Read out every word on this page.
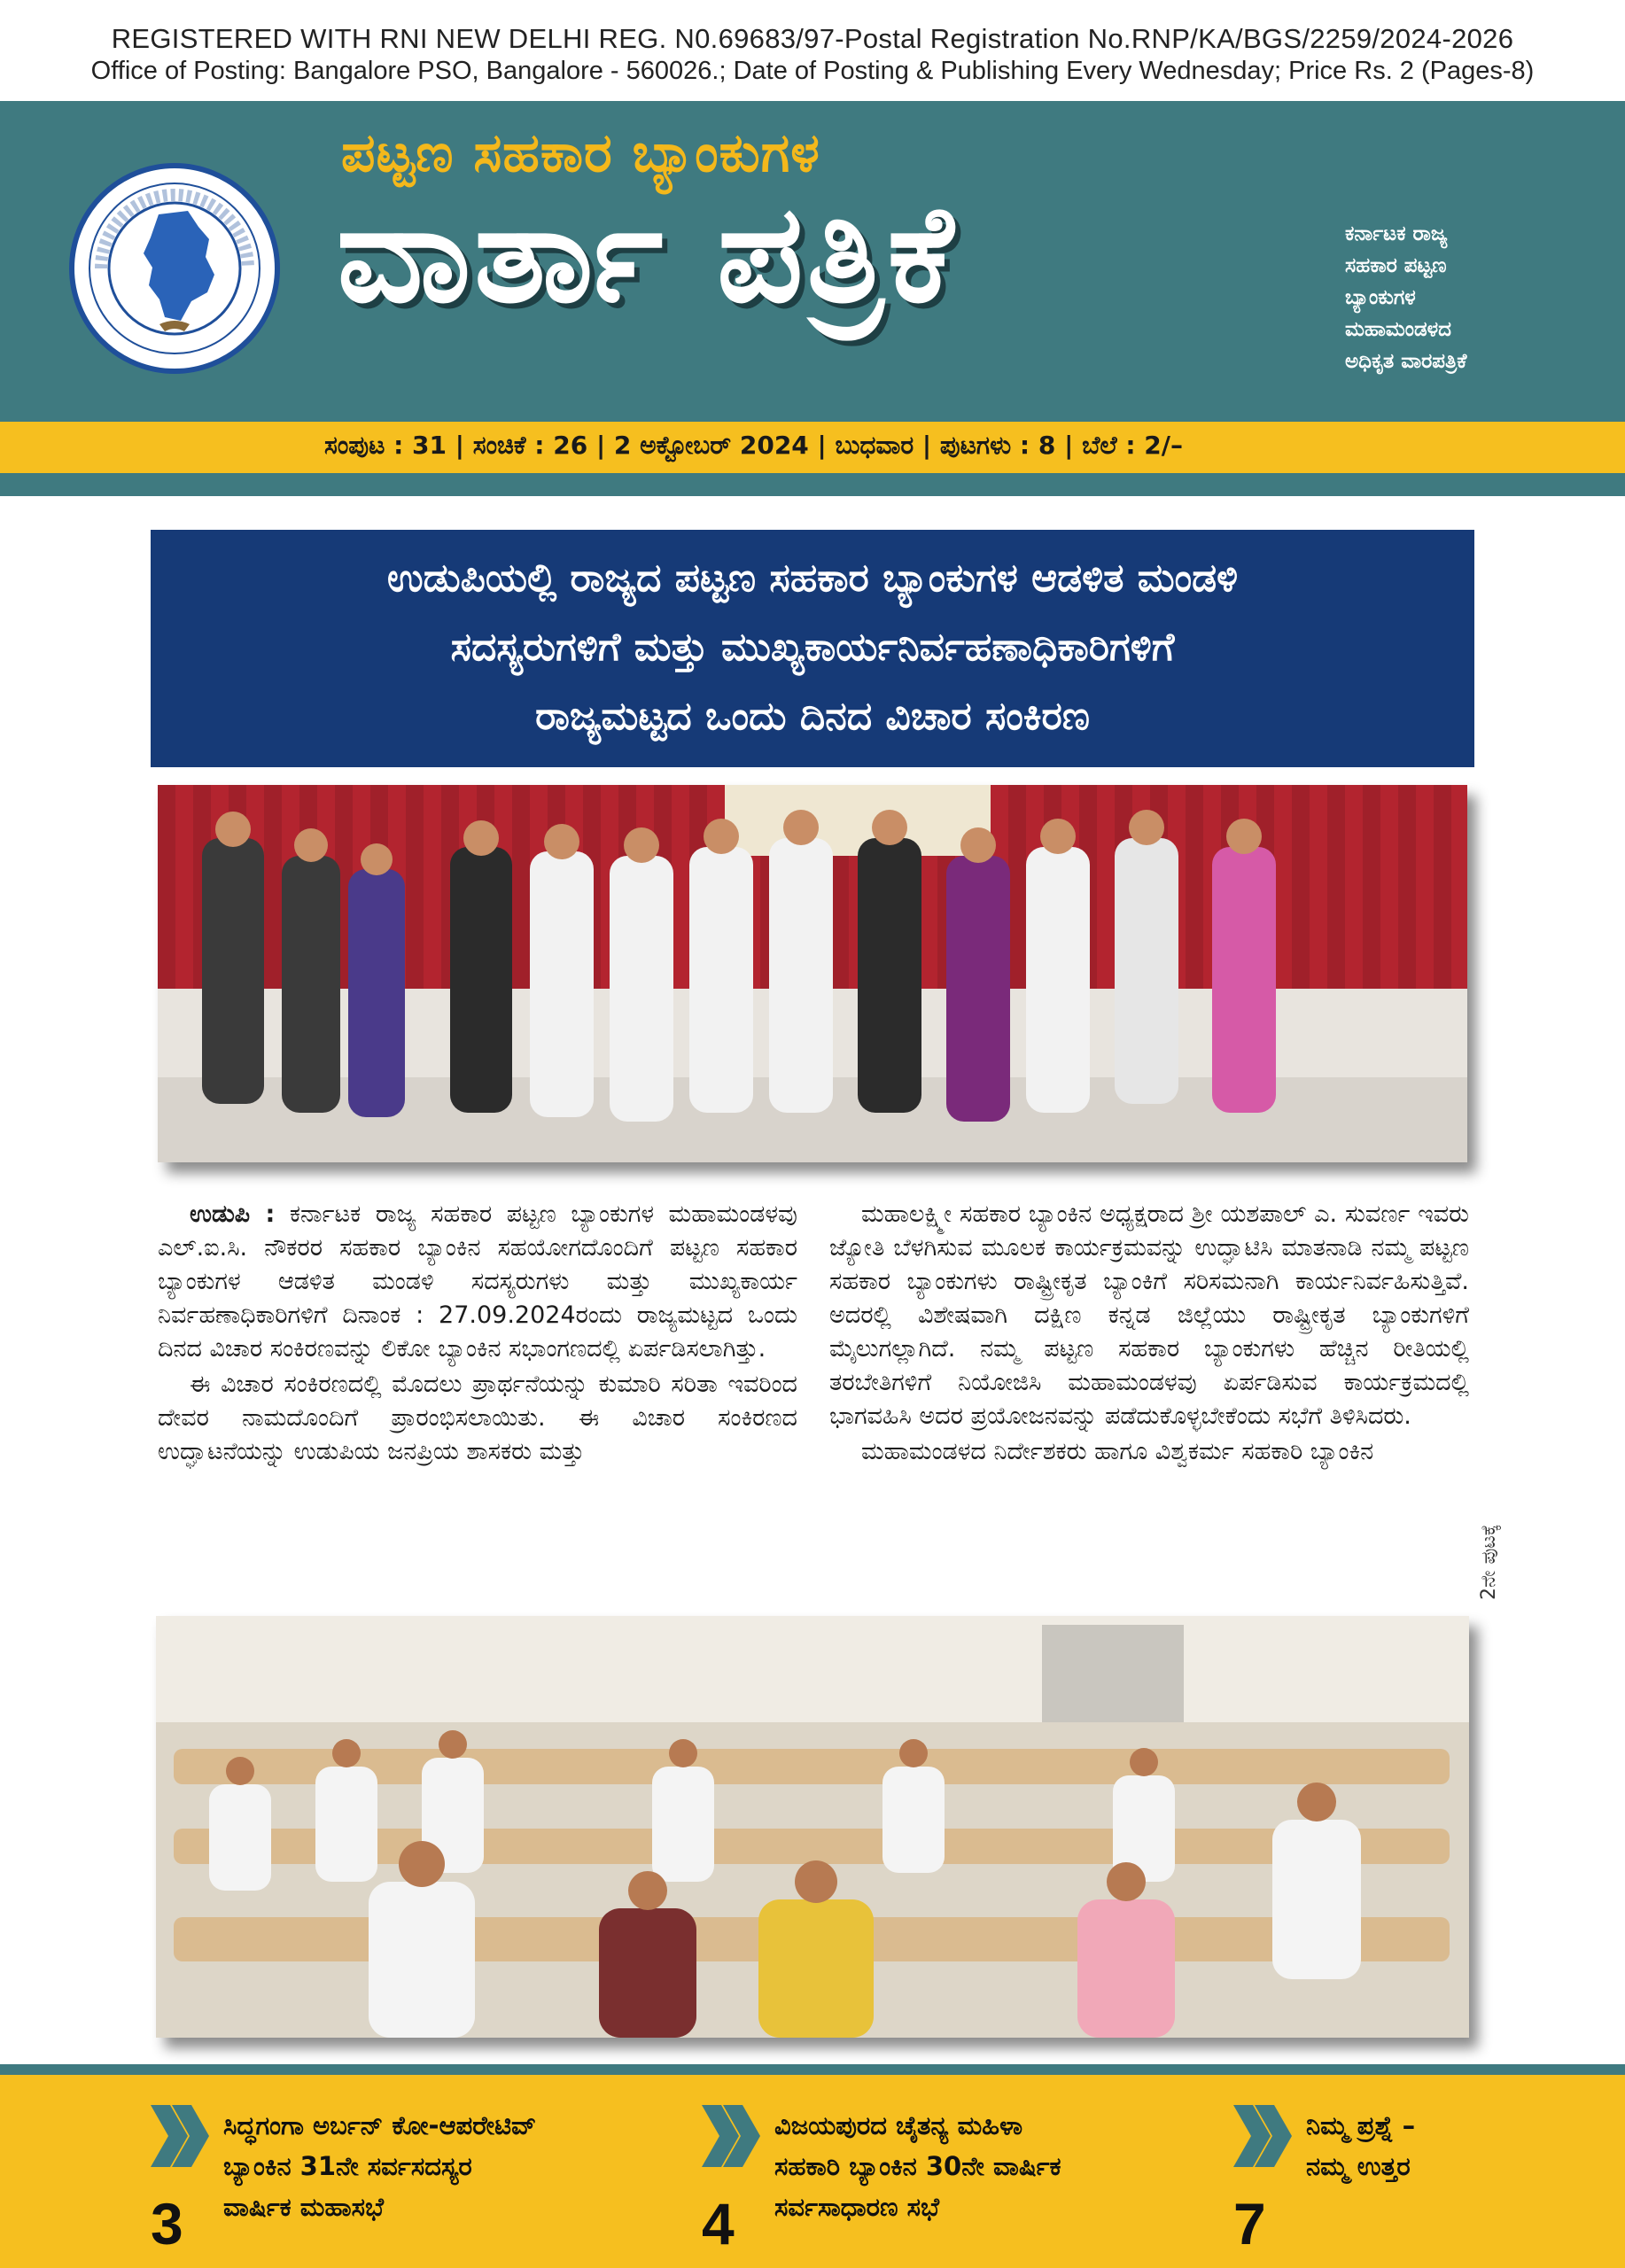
REGISTERED WITH RNI NEW DELHI REG. N0.69683/97-Postal Registration No.RNP/KA/BGS/2259/2024-2026
Office of Posting: Bangalore PSO, Bangalore - 560026.; Date of Posting & Publishing Every Wednesday; Price Rs. 2 (Pages-8)
ಪಟ್ಟಣ ಸಹಕಾರ ಬ್ಯಾಂಕುಗಳ
ವಾರ್ತಾ ಪತ್ರಿಕೆ	ಕರ್ನಾಟಕ ರಾಜ್ಯ
ಸಹಕಾರ ಪಟ್ಟಣ
ಬ್ಯಾಂಕುಗಳ
ಮಹಾಮಂಡಳದ
ಅಧಿಕೃತ ವಾರಪತ್ರಿಕೆ
ಸಂಪುಟ : 31 | ಸಂಚಿಕೆ : 26 | 2 ಅಕ್ಟೋಬರ್ 2024 | ಬುಧವಾರ | ಪುಟಗಳು : 8 | ಬೆಲೆ : 2/–
ಉಡುಪಿಯಲ್ಲಿ ರಾಜ್ಯದ ಪಟ್ಟಣ ಸಹಕಾರ ಬ್ಯಾಂಕುಗಳ ಆಡಳಿತ ಮಂಡಳಿ
ಸದಸ್ಯರುಗಳಿಗೆ ಮತ್ತು ಮುಖ್ಯಕಾರ್ಯನಿರ್ವಹಣಾಧಿಕಾರಿಗಳಿಗೆ
ರಾಜ್ಯಮಟ್ಟದ ಒಂದು ದಿನದ ವಿಚಾರ ಸಂಕಿರಣ

ಉಡುಪಿ : ಕರ್ನಾಟಕ ರಾಜ್ಯ ಸಹಕಾರ ಪಟ್ಟಣ ಬ್ಯಾಂಕುಗಳ ಮಹಾಮಂಡಳವು ಎಲ್.ಐ.ಸಿ. ನೌಕರರ ಸಹಕಾರ ಬ್ಯಾಂಕಿನ ಸಹಯೋಗದೊಂದಿಗೆ ಪಟ್ಟಣ ಸಹಕಾರ ಬ್ಯಾಂಕುಗಳ ಆಡಳಿತ ಮಂಡಳಿ ಸದಸ್ಯರುಗಳು ಮತ್ತು ಮುಖ್ಯಕಾರ್ಯ ನಿರ್ವಹಣಾಧಿಕಾರಿಗಳಿಗೆ ದಿನಾಂಕ : 27.09.2024ರಂದು ರಾಜ್ಯಮಟ್ಟದ ಒಂದು ದಿನದ ವಿಚಾರ ಸಂಕಿರಣವನ್ನು ಲಿಕೋ ಬ್ಯಾಂಕಿನ ಸಭಾಂಗಣದಲ್ಲಿ ಏರ್ಪಡಿಸಲಾಗಿತ್ತು.

ಈ ವಿಚಾರ ಸಂಕಿರಣದಲ್ಲಿ ಮೊದಲು ಪ್ರಾರ್ಥನೆಯನ್ನು ಕುಮಾರಿ ಸರಿತಾ ಇವರಿಂದ ದೇವರ ನಾಮದೊಂದಿಗೆ ಪ್ರಾರಂಭಿಸಲಾಯಿತು. ಈ ವಿಚಾರ ಸಂಕಿರಣದ ಉದ್ಘಾಟನೆಯನ್ನು ಉಡುಪಿಯ ಜನಪ್ರಿಯ ಶಾಸಕರು ಮತ್ತು

ಮಹಾಲಕ್ಷ್ಮೀ ಸಹಕಾರ ಬ್ಯಾಂಕಿನ ಅಧ್ಯಕ್ಷರಾದ ಶ್ರೀ ಯಶಪಾಲ್ ಎ. ಸುವರ್ಣ ಇವರು ಜ್ಯೋತಿ ಬೆಳಗಿಸುವ ಮೂಲಕ ಕಾರ್ಯಕ್ರಮವನ್ನು ಉದ್ಘಾಟಿಸಿ ಮಾತನಾಡಿ ನಮ್ಮ ಪಟ್ಟಣ ಸಹಕಾರ ಬ್ಯಾಂಕುಗಳು ರಾಷ್ಟ್ರೀಕೃತ ಬ್ಯಾಂಕಿಗೆ ಸರಿಸಮನಾಗಿ ಕಾರ್ಯನಿರ್ವಹಿಸುತ್ತಿವೆ. ಅದರಲ್ಲಿ ವಿಶೇಷವಾಗಿ ದಕ್ಷಿಣ ಕನ್ನಡ ಜಿಲ್ಲೆಯು ರಾಷ್ಟ್ರೀಕೃತ ಬ್ಯಾಂಕುಗಳಿಗೆ ಮೈಲುಗಲ್ಲಾಗಿದೆ. ನಮ್ಮ ಪಟ್ಟಣ ಸಹಕಾರ ಬ್ಯಾಂಕುಗಳು ಹೆಚ್ಚಿನ ರೀತಿಯಲ್ಲಿ ತರಬೇತಿಗಳಿಗೆ ನಿಯೋಜಿಸಿ ಮಹಾಮಂಡಳವು ಏರ್ಪಡಿಸುವ ಕಾರ್ಯಕ್ರಮದಲ್ಲಿ ಭಾಗವಹಿಸಿ ಅದರ ಪ್ರಯೋಜನವನ್ನು ಪಡೆದುಕೊಳ್ಳಬೇಕೆಂದು ಸಭೆಗೆ ತಿಳಿಸಿದರು.

ಮಹಾಮಂಡಳದ ನಿರ್ದೇಶಕರು ಹಾಗೂ ವಿಶ್ವಕರ್ಮ ಸಹಕಾರಿ ಬ್ಯಾಂಕಿನ

2ನೇ ಪುಟಕ್ಕೆ
3
ಸಿದ್ಧಗಂಗಾ ಅರ್ಬನ್ ಕೋ-ಆಪರೇಟಿವ್
ಬ್ಯಾಂಕಿನ 31ನೇ ಸರ್ವಸದಸ್ಯರ
ವಾರ್ಷಿಕ ಮಹಾಸಭೆ	4
ವಿಜಯಪುರದ ಚೈತನ್ಯ ಮಹಿಳಾ
ಸಹಕಾರಿ ಬ್ಯಾಂಕಿನ 30ನೇ ವಾರ್ಷಿಕ
ಸರ್ವಸಾಧಾರಣ ಸಭೆ	7
ನಿಮ್ಮ ಪ್ರಶ್ನೆ –
ನಮ್ಮ ಉತ್ತರ
